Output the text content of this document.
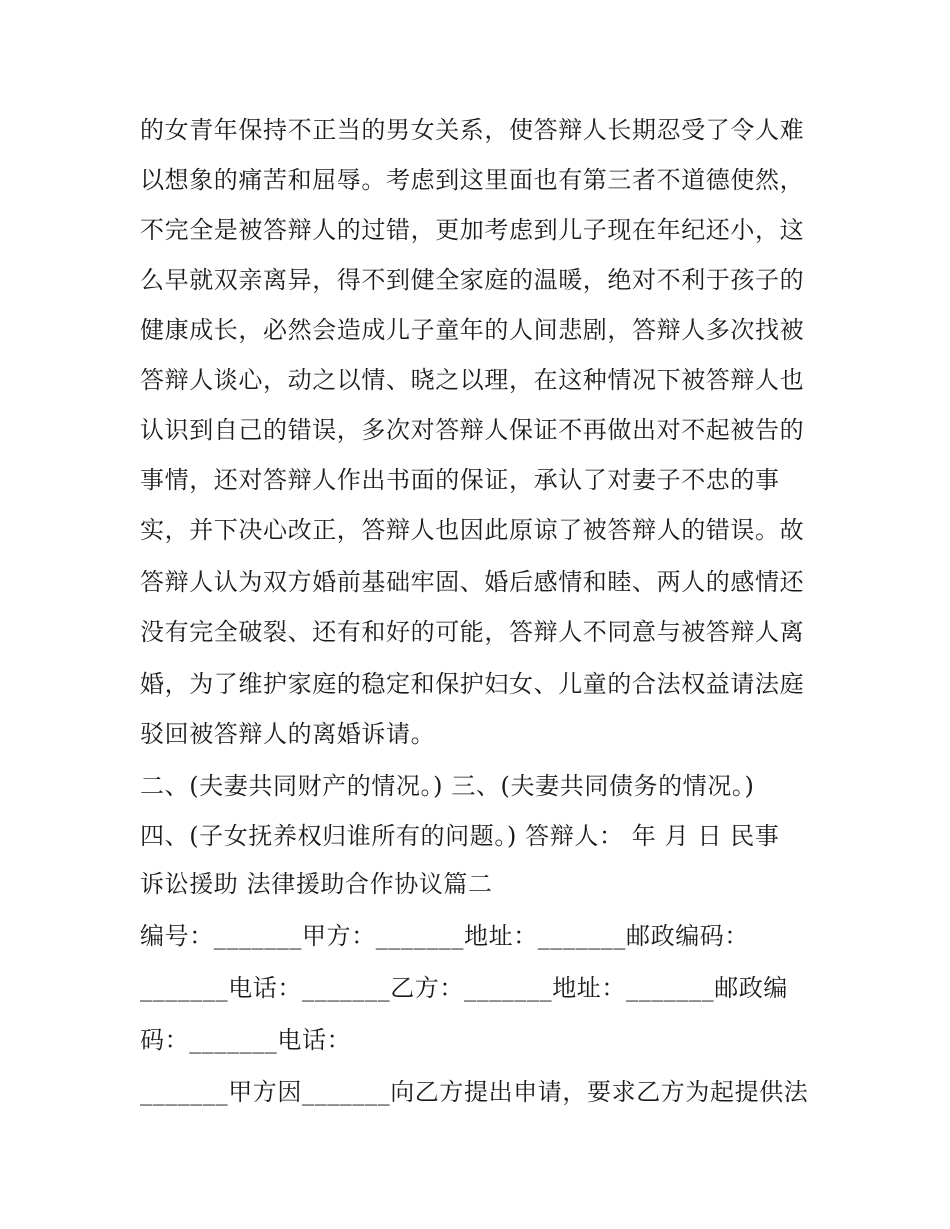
的女青年保持不正当的男女关系，使答辩人长期忍受了令人难
以想象的痛苦和屈辱。考虑到这里面也有第三者不道德使然，
不完全是被答辩人的过错，更加考虑到儿子现在年纪还小，这
么早就双亲离异，得不到健全家庭的温暖，绝对不利于孩子的
健康成长，必然会造成儿子童年的人间悲剧，答辩人多次找被
答辩人谈心，动之以情、晓之以理，在这种情况下被答辩人也
认识到自己的错误，多次对答辩人保证不再做出对不起被告的
事情，还对答辩人作出书面的保证，承认了对妻子不忠的事
实，并下决心改正，答辩人也因此原谅了被答辩人的错误。故
答辩人认为双方婚前基础牢固、婚后感情和睦、两人的感情还
没有完全破裂、还有和好的可能，答辩人不同意与被答辩人离
婚，为了维护家庭的稳定和保护妇女、儿童的合法权益请法庭
驳回被答辩人的离婚诉请。
二、(夫妻共同财产的情况。) 三、(夫妻共同债务的情况。)
四、(子女抚养权归谁所有的问题。) 答辩人： 年 月 日 民事
诉讼援助 法律援助合作协议篇二
编号：_______甲方：_______地址：_______邮政编码：
_______电话：_______乙方：_______地址：_______邮政编
码：_______电话：
_______甲方因_______向乙方提出申请，要求乙方为起提供法
